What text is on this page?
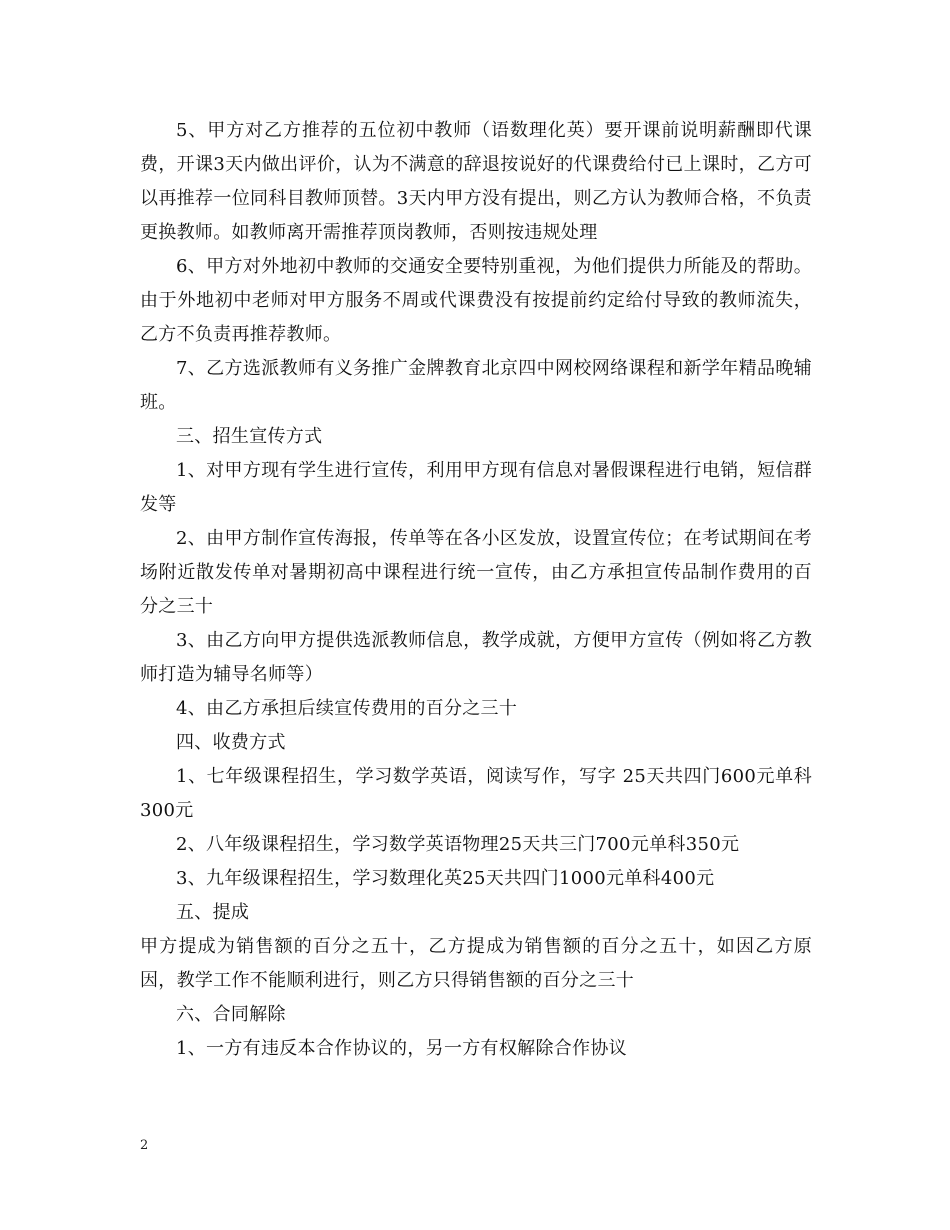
5、甲方对乙方推荐的五位初中教师（语数理化英）要开课前说明薪酬即代课费，开课3天内做出评价，认为不满意的辞退按说好的代课费给付已上课时，乙方可以再推荐一位同科目教师顶替。3天内甲方没有提出，则乙方认为教师合格，不负责更换教师。如教师离开需推荐顶岗教师，否则按违规处理

6、甲方对外地初中教师的交通安全要特别重视，为他们提供力所能及的帮助。由于外地初中老师对甲方服务不周或代课费没有按提前约定给付导致的教师流失，乙方不负责再推荐教师。

7、乙方选派教师有义务推广金牌教育北京四中网校网络课程和新学年精品晚辅班。

三、招生宣传方式

1、对甲方现有学生进行宣传，利用甲方现有信息对暑假课程进行电销，短信群发等

2、由甲方制作宣传海报，传单等在各小区发放，设置宣传位；在考试期间在考场附近散发传单对暑期初高中课程进行统一宣传，由乙方承担宣传品制作费用的百分之三十

3、由乙方向甲方提供选派教师信息，教学成就，方便甲方宣传（例如将乙方教师打造为辅导名师等）

4、由乙方承担后续宣传费用的百分之三十

四、收费方式

1、七年级课程招生，学习数学英语，阅读写作，写字 25天共四门600元单科300元

2、八年级课程招生，学习数学英语物理25天共三门700元单科350元

3、九年级课程招生，学习数理化英25天共四门1000元单科400元

五、提成

甲方提成为销售额的百分之五十，乙方提成为销售额的百分之五十，如因乙方原因，教学工作不能顺利进行，则乙方只得销售额的百分之三十

六、合同解除

1、一方有违反本合作协议的，另一方有权解除合作协议

2
